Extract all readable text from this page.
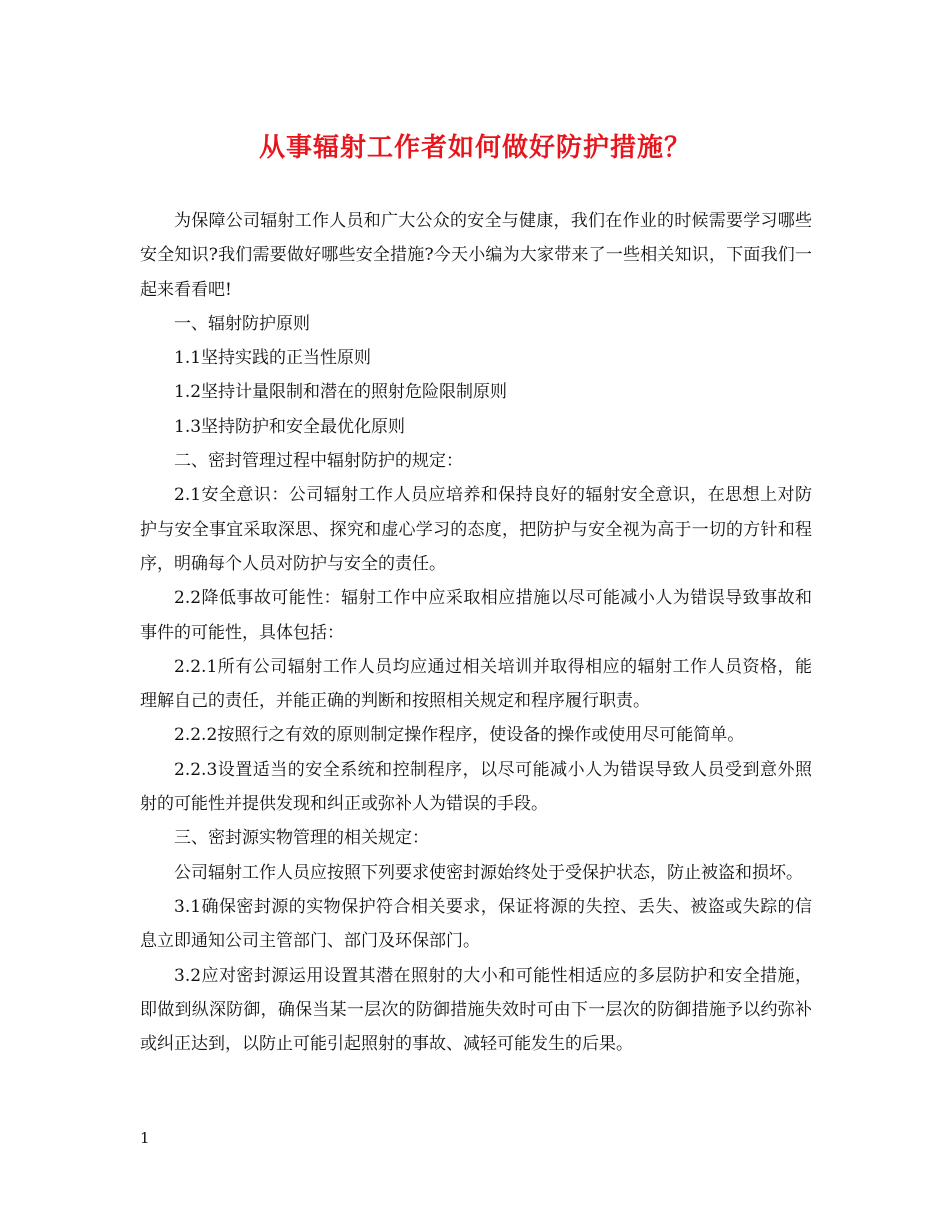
从事辐射工作者如何做好防护措施？

为保障公司辐射工作人员和广大公众的安全与健康，我们在作业的时候需要学习哪些安全知识?我们需要做好哪些安全措施?今天小编为大家带来了一些相关知识，下面我们一起来看看吧!

一、辐射防护原则

1.1坚持实践的正当性原则

1.2坚持计量限制和潜在的照射危险限制原则

1.3坚持防护和安全最优化原则

二、密封管理过程中辐射防护的规定：

2.1安全意识：公司辐射工作人员应培养和保持良好的辐射安全意识，在思想上对防护与安全事宜采取深思、探究和虚心学习的态度，把防护与安全视为高于一切的方针和程序，明确每个人员对防护与安全的责任。

2.2降低事故可能性：辐射工作中应采取相应措施以尽可能减小人为错误导致事故和事件的可能性，具体包括：

2.2.1所有公司辐射工作人员均应通过相关培训并取得相应的辐射工作人员资格，能理解自己的责任，并能正确的判断和按照相关规定和程序履行职责。

2.2.2按照行之有效的原则制定操作程序，使设备的操作或使用尽可能简单。

2.2.3设置适当的安全系统和控制程序，以尽可能减小人为错误导致人员受到意外照射的可能性并提供发现和纠正或弥补人为错误的手段。

三、密封源实物管理的相关规定：

公司辐射工作人员应按照下列要求使密封源始终处于受保护状态，防止被盗和损坏。

3.1确保密封源的实物保护符合相关要求，保证将源的失控、丢失、被盗或失踪的信息立即通知公司主管部门、部门及环保部门。

3.2应对密封源运用设置其潜在照射的大小和可能性相适应的多层防护和安全措施，即做到纵深防御，确保当某一层次的防御措施失效时可由下一层次的防御措施予以约弥补或纠正达到，以防止可能引起照射的事故、减轻可能发生的后果。

1
